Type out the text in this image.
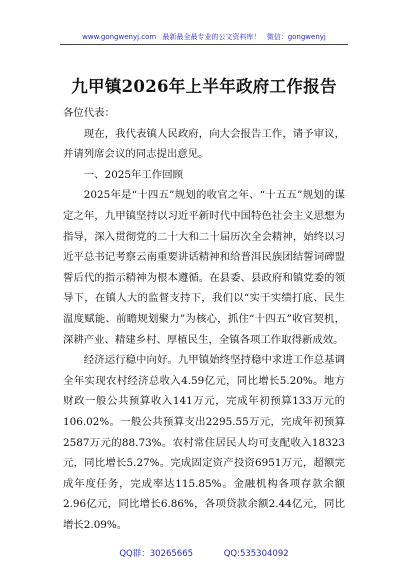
www.gongwenyj.com 最新最全最专业的公文资料库！ 微信：gongwenyj
九甲镇2026年上半年政府工作报告

各位代表：

现在，我代表镇人民政府，向大会报告工作，请予审议，并请列席会议的同志提出意见。

一、2025年工作回顾

2025年是“十四五”规划的收官之年、“十五五”规划的谋定之年，九甲镇坚持以习近平新时代中国特色社会主义思想为指导，深入贯彻党的二十大和二十届历次全会精神，始终以习近平总书记考察云南重要讲话精神和给普洱民族团结誓词碑盟誓后代的指示精神为根本遵循。在县委、县政府和镇党委的领导下，在镇人大的监督支持下，我们以“实干实绩打底、民生温度赋能、前瞻规划聚力”为核心，抓住“十四五”收官契机，深耕产业、精建乡村、厚植民生，全镇各项工作取得新成效。

经济运行稳中向好。九甲镇始终坚持稳中求进工作总基调全年实现农村经济总收入4.59亿元，同比增长5.20%。地方财政一般公共预算收入141万元，完成年初预算133万元的106.02%。一般公共预算支出2295.55万元，完成年初预算2587万元的88.73%。农村常住居民人均可支配收入18323元，同比增长5.27%。完成固定资产投资6951万元，超额完成年度任务，完成率达115.85%。金融机构各项存款余额2.96亿元，同比增长6.86%，各项贷款余额2.44亿元，同比增长2.09%。

QQ群：30265665	QQ:535304092
